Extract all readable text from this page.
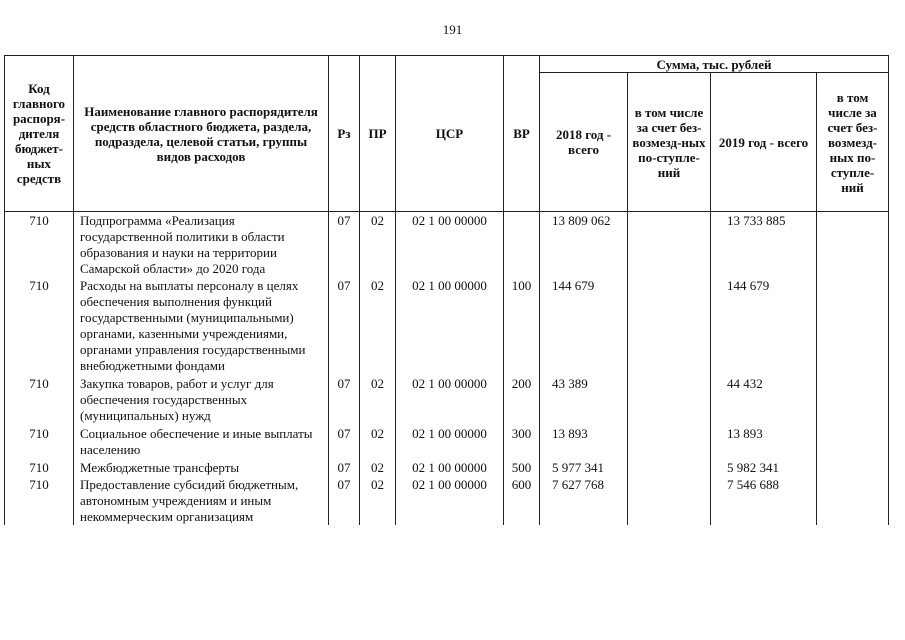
191
Код главного распоря-дителя бюджет-ных средств	Наименование главного распорядителя средств областного бюджета, раздела, подраздела, целевой статьи, группы видов расходов	Рз	ПР	ЦСР	ВР	Сумма, тыс. рублей			
						2018 год - всего	в том числе за счет без-возмезд-ных по-ступле-ний	2019 год - всего	в том числе за счет без-возмезд-ных по-ступле-ний
710	Подпрограмма «Реализация государственной политики в области образования и науки на территории Самарской области» до 2020 года	07	02	02 1 00 00000		13 809 062		13 733 885	
710	Расходы на выплаты персоналу в целях обеспечения выполнения функций государственными (муниципальными) органами, казенными учреждениями, органами управления государственными внебюджетными фондами	07	02	02 1 00 00000	100	144 679		144 679	
710	Закупка товаров, работ и услуг для обеспечения государственных (муниципальных) нужд	07	02	02 1 00 00000	200	43 389		44 432	
710	Социальное обеспечение и иные выплаты населению	07	02	02 1 00 00000	300	13 893		13 893	
710	Межбюджетные трансферты	07	02	02 1 00 00000	500	5 977 341		5 982 341	
710	Предоставление субсидий бюджетным, автономным учреждениям и иным некоммерческим организациям	07	02	02 1 00 00000	600	7 627 768		7 546 688	
